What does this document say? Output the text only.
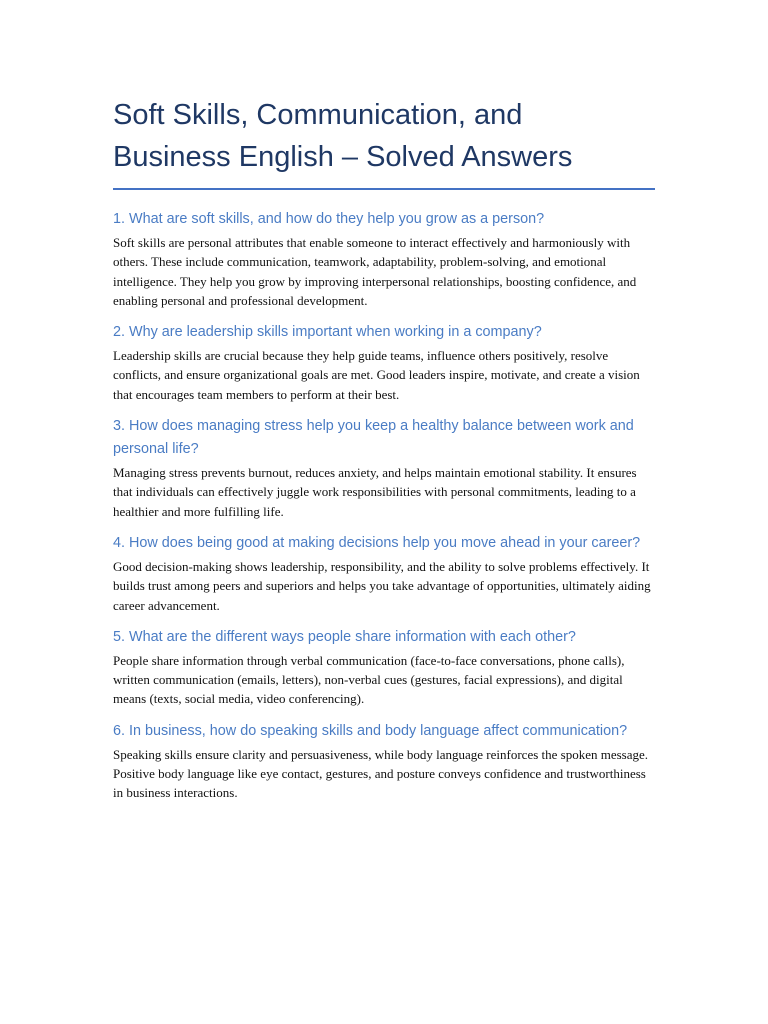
Soft Skills, Communication, and
Business English – Solved Answers
1. What are soft skills, and how do they help you grow as a person?

Soft skills are personal attributes that enable someone to interact effectively and harmoniously with others. These include communication, teamwork, adaptability, problem-solving, and emotional intelligence. They help you grow by improving interpersonal relationships, boosting confidence, and enabling personal and professional development.

2. Why are leadership skills important when working in a company?

Leadership skills are crucial because they help guide teams, influence others positively, resolve conflicts, and ensure organizational goals are met. Good leaders inspire, motivate, and create a vision that encourages team members to perform at their best.

3. How does managing stress help you keep a healthy balance between work and personal life?

Managing stress prevents burnout, reduces anxiety, and helps maintain emotional stability. It ensures that individuals can effectively juggle work responsibilities with personal commitments, leading to a healthier and more fulfilling life.

4. How does being good at making decisions help you move ahead in your career?

Good decision-making shows leadership, responsibility, and the ability to solve problems effectively. It builds trust among peers and superiors and helps you take advantage of opportunities, ultimately aiding career advancement.

5. What are the different ways people share information with each other?

People share information through verbal communication (face-to-face conversations, phone calls), written communication (emails, letters), non-verbal cues (gestures, facial expressions), and digital means (texts, social media, video conferencing).

6. In business, how do speaking skills and body language affect communication?

Speaking skills ensure clarity and persuasiveness, while body language reinforces the spoken message. Positive body language like eye contact, gestures, and posture conveys confidence and trustworthiness in business interactions.
